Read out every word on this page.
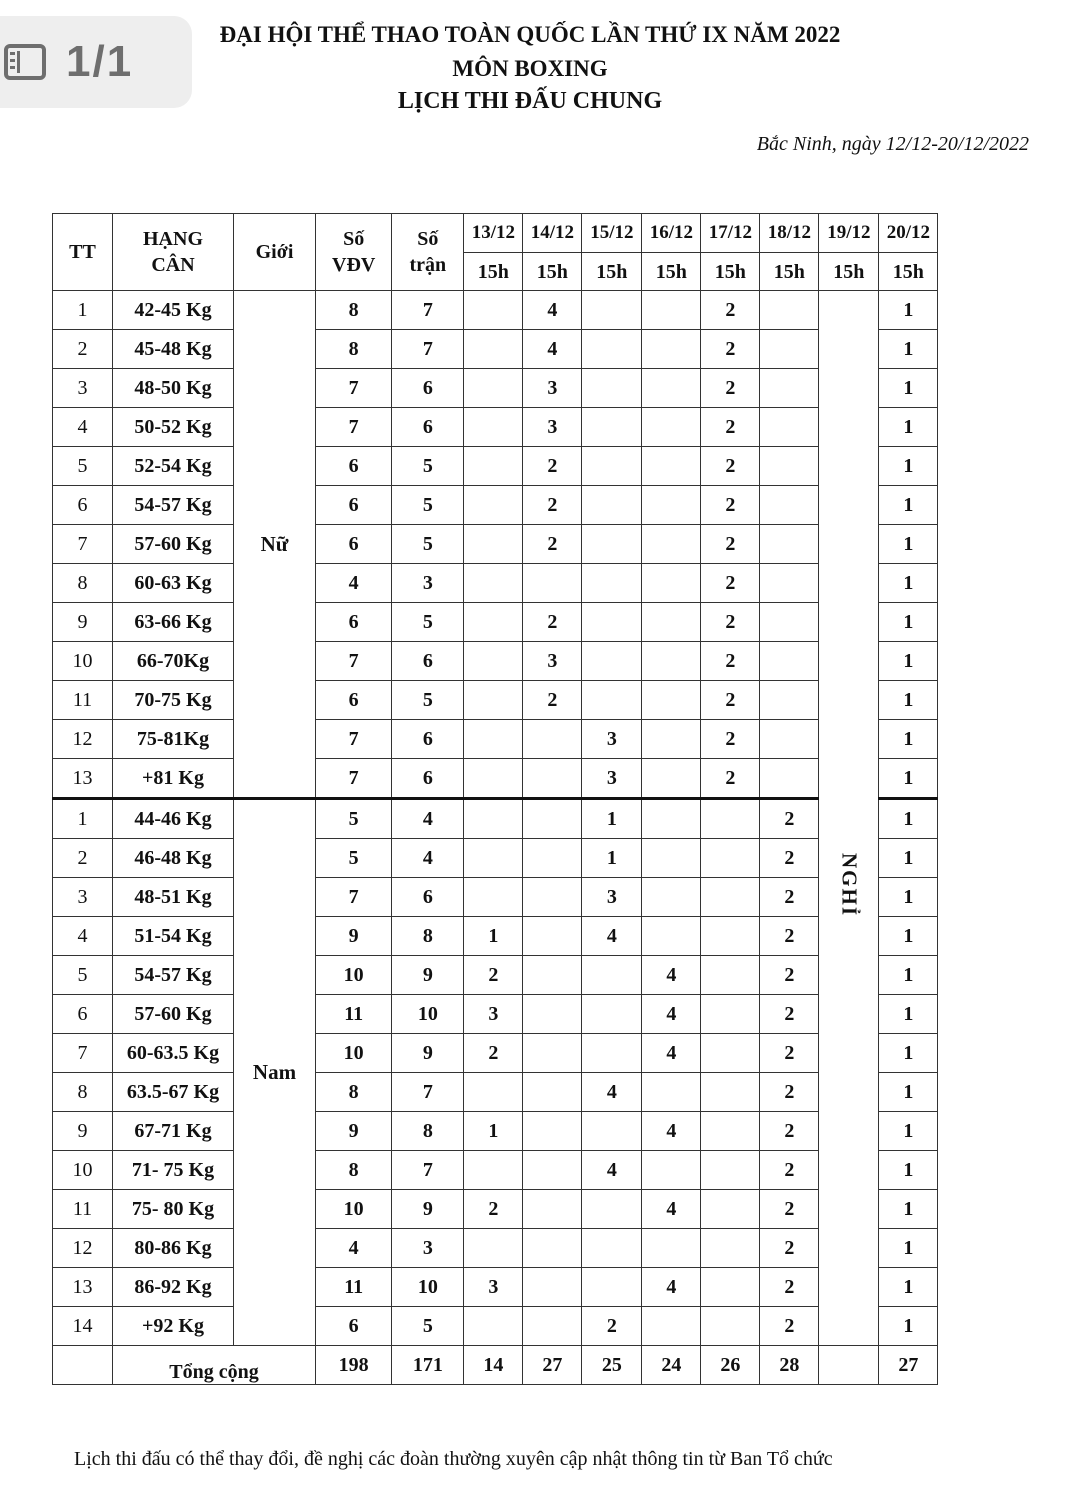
1/1
ĐẠI HỘI THỂ THAO TOÀN QUỐC LẦN THỨ IX NĂM 2022
MÔN BOXING
LỊCH THI ĐẤU CHUNG
Bắc Ninh, ngày 12/12-20/12/2022
TT	HẠNG CÂN	Giới	Số VĐV	Số trận	13/12	14/12	15/12	16/12	17/12	18/12	19/12	20/12
					15h	15h	15h	15h	15h	15h	15h	15h
1	42-45 Kg	Nữ	8	7		4			2		NGHỈ	1
2	45-48 Kg		8	7		4			2			1
3	48-50 Kg		7	6		3			2			1
4	50-52 Kg		7	6		3			2			1
5	52-54 Kg		6	5		2			2			1
6	54-57 Kg		6	5		2			2			1
7	57-60 Kg		6	5		2			2			1
8	60-63 Kg		4	3					2			1
9	63-66 Kg		6	5		2			2			1
10	66-70Kg		7	6		3			2			1
11	70-75 Kg		6	5		2			2			1
12	75-81Kg		7	6			3		2			1
13	+81 Kg		7	6			3		2			1
1	44-46 Kg	Nam	5	4			1			2		1
2	46-48 Kg		5	4			1			2		1
3	48-51 Kg		7	6			3			2		1
4	51-54 Kg		9	8	1		4			2		1
5	54-57 Kg		10	9	2			4		2		1
6	57-60 Kg		11	10	3			4		2		1
7	60-63.5 Kg		10	9	2			4		2		1
8	63.5-67 Kg		8	7			4			2		1
9	67-71 Kg		9	8	1			4		2		1
10	71- 75 Kg		8	7			4			2		1
11	75- 80 Kg		10	9	2			4		2		1
12	80-86 Kg		4	3						2		1
13	86-92 Kg		11	10	3			4		2		1
14	+92 Kg		6	5			2			2		1
	Tổng cộng		198	171	14	27	25	24	26	28		27
Lịch thi đấu có thể thay đổi, đề nghị các đoàn thường xuyên cập nhật thông tin từ Ban Tổ chức
